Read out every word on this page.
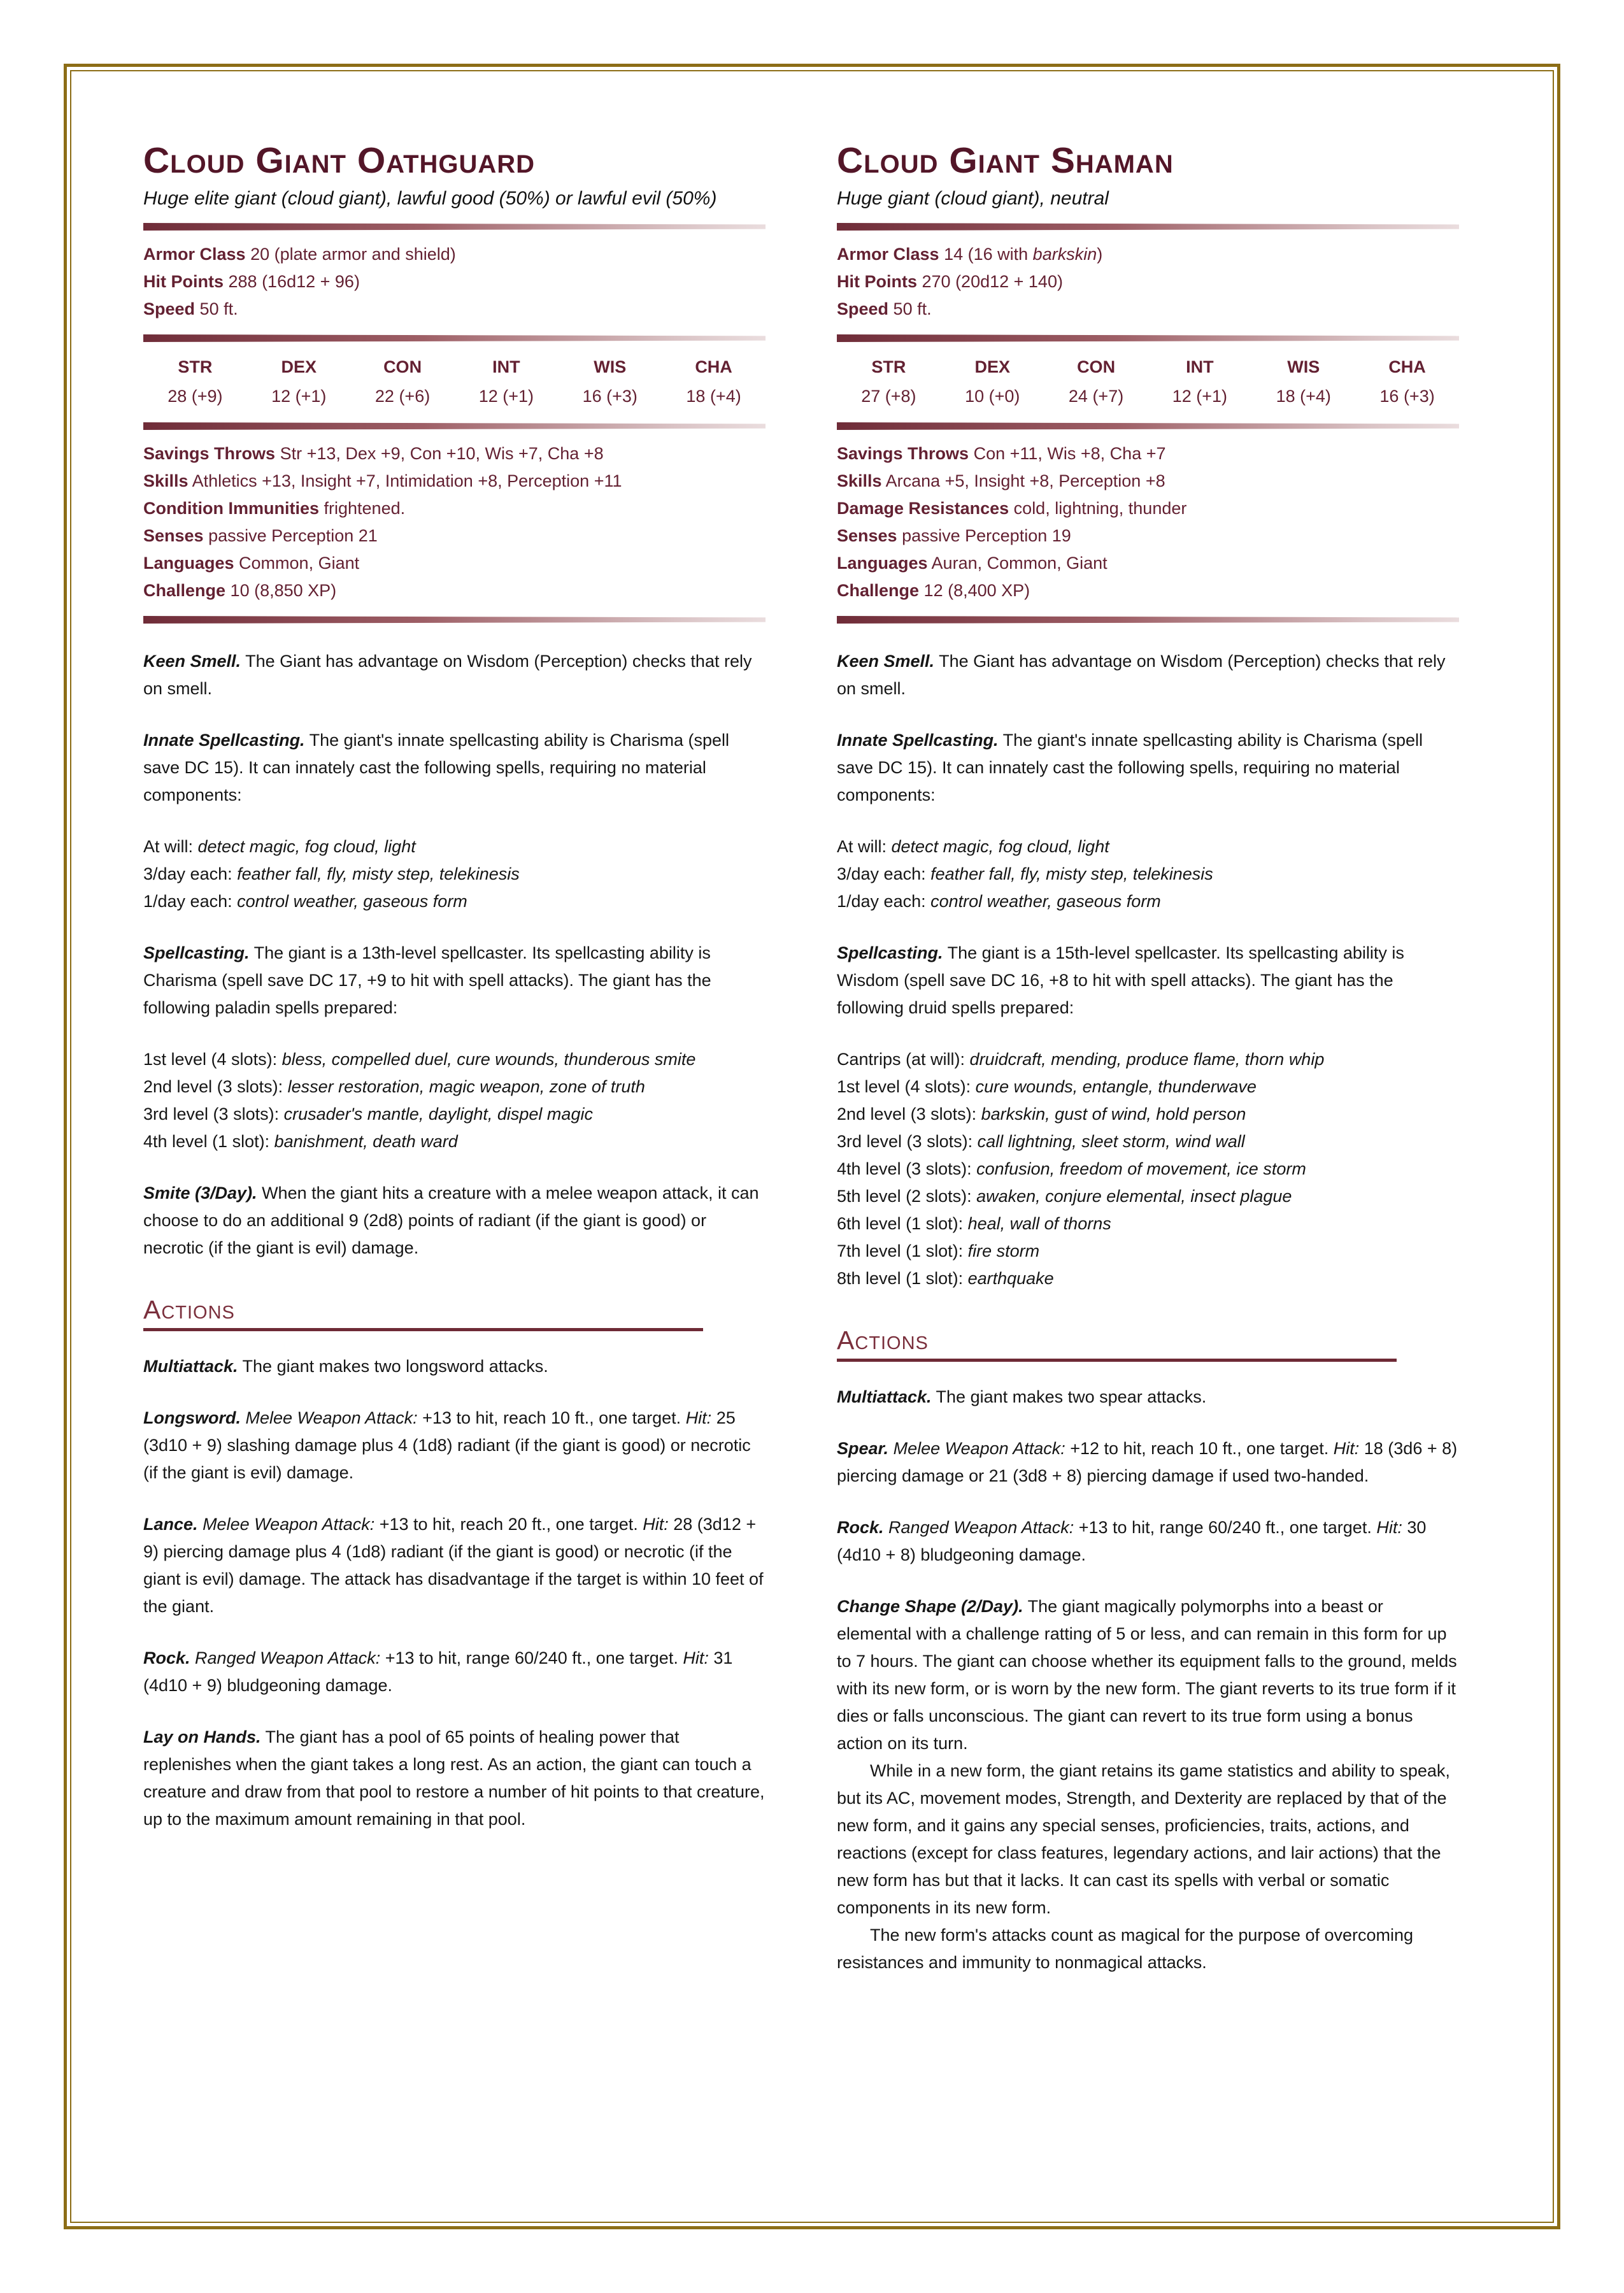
Cloud Giant Oathguard

Huge elite giant (cloud giant), lawful good (50%) or lawful evil (50%)

Armor Class 20 (plate armor and shield)

Hit Points 288 (16d12 + 96)

Speed 50 ft.

STR	DEX	CON	INT	WIS	CHA
28 (+9)	12 (+1)	22 (+6)	12 (+1)	16 (+3)	18 (+4)

Savings Throws Str +13, Dex +9, Con +10, Wis +7, Cha +8

Skills Athletics +13, Insight +7, Intimidation +8, Perception +11

Condition Immunities frightened.

Senses passive Perception 21

Languages Common, Giant

Challenge 10 (8,850 XP)

Keen Smell. The Giant has advantage on Wisdom (Perception) checks that rely on smell.

Innate Spellcasting. The giant's innate spellcasting ability is Charisma (spell save DC 15). It can innately cast the following spells, requiring no material components:

At will: detect magic, fog cloud, light

3/day each: feather fall, fly, misty step, telekinesis

1/day each: control weather, gaseous form

Spellcasting. The giant is a 13th-level spellcaster. Its spellcasting ability is Charisma (spell save DC 17, +9 to hit with spell attacks). The giant has the following paladin spells prepared:

1st level (4 slots): bless, compelled duel, cure wounds, thunderous smite

2nd level (3 slots): lesser restoration, magic weapon, zone of truth

3rd level (3 slots): crusader's mantle, daylight, dispel magic

4th level (1 slot): banishment, death ward

Smite (3/Day). When the giant hits a creature with a melee weapon attack, it can choose to do an additional 9 (2d8) points of radiant (if the giant is good) or necrotic (if the giant is evil) damage.

Actions

Multiattack. The giant makes two longsword attacks.

Longsword. Melee Weapon Attack: +13 to hit, reach 10 ft., one target. Hit: 25 (3d10 + 9) slashing damage plus 4 (1d8) radiant (if the giant is good) or necrotic (if the giant is evil) damage.

Lance. Melee Weapon Attack: +13 to hit, reach 20 ft., one target. Hit: 28 (3d12 + 9) piercing damage plus 4 (1d8) radiant (if the giant is good) or necrotic (if the giant is evil) damage. The attack has disadvantage if the target is within 10 feet of the giant.

Rock. Ranged Weapon Attack: +13 to hit, range 60/240 ft., one target. Hit: 31 (4d10 + 9) bludgeoning damage.

Lay on Hands. The giant has a pool of 65 points of healing power that replenishes when the giant takes a long rest. As an action, the giant can touch a creature and draw from that pool to restore a number of hit points to that creature, up to the maximum amount remaining in that pool.

Cloud Giant Shaman

Huge giant (cloud giant), neutral

Armor Class 14 (16 with barkskin)

Hit Points 270 (20d12 + 140)

Speed 50 ft.

STR	DEX	CON	INT	WIS	CHA
27 (+8)	10 (+0)	24 (+7)	12 (+1)	18 (+4)	16 (+3)

Savings Throws Con +11, Wis +8, Cha +7

Skills Arcana +5, Insight +8, Perception +8

Damage Resistances cold, lightning, thunder

Senses passive Perception 19

Languages Auran, Common, Giant

Challenge 12 (8,400 XP)

Keen Smell. The Giant has advantage on Wisdom (Perception) checks that rely on smell.

Innate Spellcasting. The giant's innate spellcasting ability is Charisma (spell save DC 15). It can innately cast the following spells, requiring no material components:

At will: detect magic, fog cloud, light

3/day each: feather fall, fly, misty step, telekinesis

1/day each: control weather, gaseous form

Spellcasting. The giant is a 15th-level spellcaster. Its spellcasting ability is Wisdom (spell save DC 16, +8 to hit with spell attacks). The giant has the following druid spells prepared:

Cantrips (at will): druidcraft, mending, produce flame, thorn whip

1st level (4 slots): cure wounds, entangle, thunderwave

2nd level (3 slots): barkskin, gust of wind, hold person

3rd level (3 slots): call lightning, sleet storm, wind wall

4th level (3 slots): confusion, freedom of movement, ice storm

5th level (2 slots): awaken, conjure elemental, insect plague

6th level (1 slot): heal, wall of thorns

7th level (1 slot): fire storm

8th level (1 slot): earthquake

Actions

Multiattack. The giant makes two spear attacks.

Spear. Melee Weapon Attack: +12 to hit, reach 10 ft., one target. Hit: 18 (3d6 + 8) piercing damage or 21 (3d8 + 8) piercing damage if used two-handed.

Rock. Ranged Weapon Attack: +13 to hit, range 60/240 ft., one target. Hit: 30 (4d10 + 8) bludgeoning damage.

Change Shape (2/Day). The giant magically polymorphs into a beast or elemental with a challenge ratting of 5 or less, and can remain in this form for up to 7 hours. The giant can choose whether its equipment falls to the ground, melds with its new form, or is worn by the new form. The giant reverts to its true form if it dies or falls unconscious. The giant can revert to its true form using a bonus action on its turn.

While in a new form, the giant retains its game statistics and ability to speak, but its AC, movement modes, Strength, and Dexterity are replaced by that of the new form, and it gains any special senses, proficiencies, traits, actions, and reactions (except for class features, legendary actions, and lair actions) that the new form has but that it lacks. It can cast its spells with verbal or somatic components in its new form.

The new form's attacks count as magical for the purpose of overcoming resistances and immunity to nonmagical attacks.
